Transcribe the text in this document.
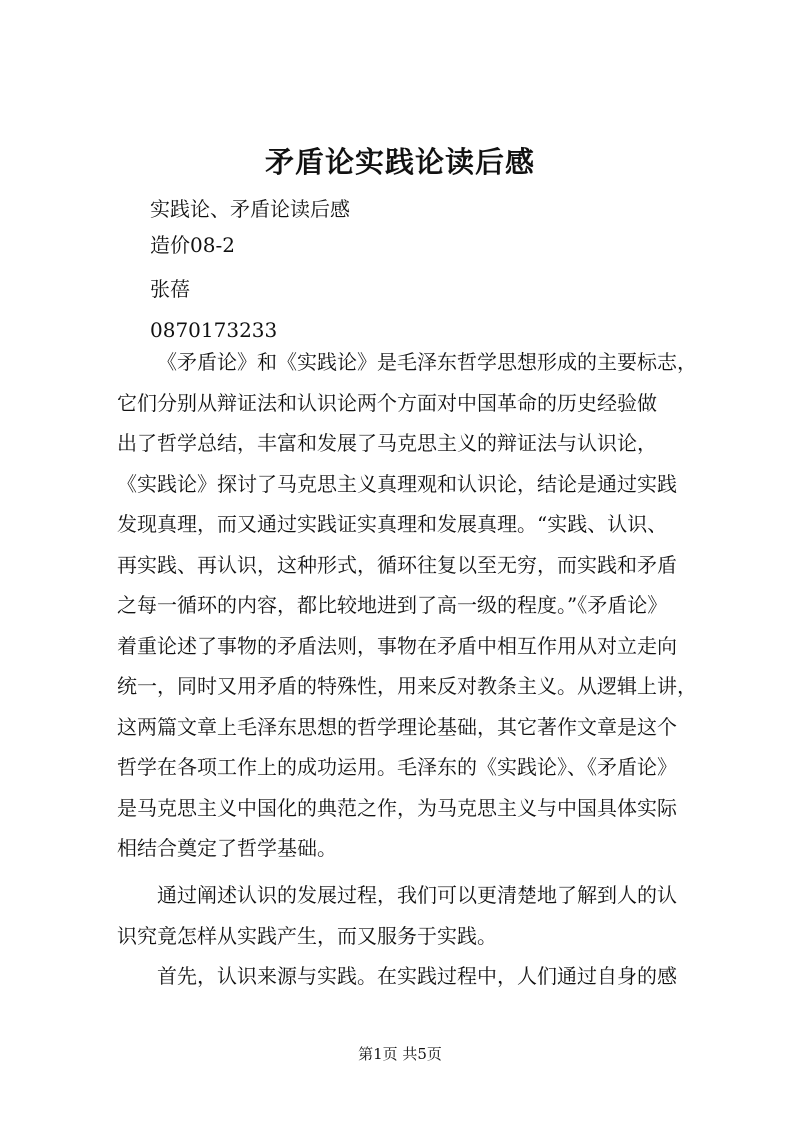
矛盾论实践论读后感

实践论、矛盾论读后感

造价08-2

张蓓

0870173233

《矛盾论》和《实践论》是毛泽东哲学思想形成的主要标志，
它们分别从辩证法和认识论两个方面对中国革命的历史经验做
出了哲学总结，丰富和发展了马克思主义的辩证法与认识论，
《实践论》探讨了马克思主义真理观和认识论，结论是通过实践
发现真理，而又通过实践证实真理和发展真理。“实践、认识、
再实践、再认识，这种形式，循环往复以至无穷，而实践和矛盾
之每一循环的内容，都比较地进到了高一级的程度。”《矛盾论》
着重论述了事物的矛盾法则，事物在矛盾中相互作用从对立走向
统一，同时又用矛盾的特殊性，用来反对教条主义。从逻辑上讲，
这两篇文章上毛泽东思想的哲学理论基础，其它著作文章是这个
哲学在各项工作上的成功运用。毛泽东的《实践论》、《矛盾论》
是马克思主义中国化的典范之作，为马克思主义与中国具体实际
相结合奠定了哲学基础。
通过阐述认识的发展过程，我们可以更清楚地了解到人的认
识究竟怎样从实践产生，而又服务于实践。
首先，认识来源与实践。在实践过程中，人们通过自身的感

第1页 共5页
